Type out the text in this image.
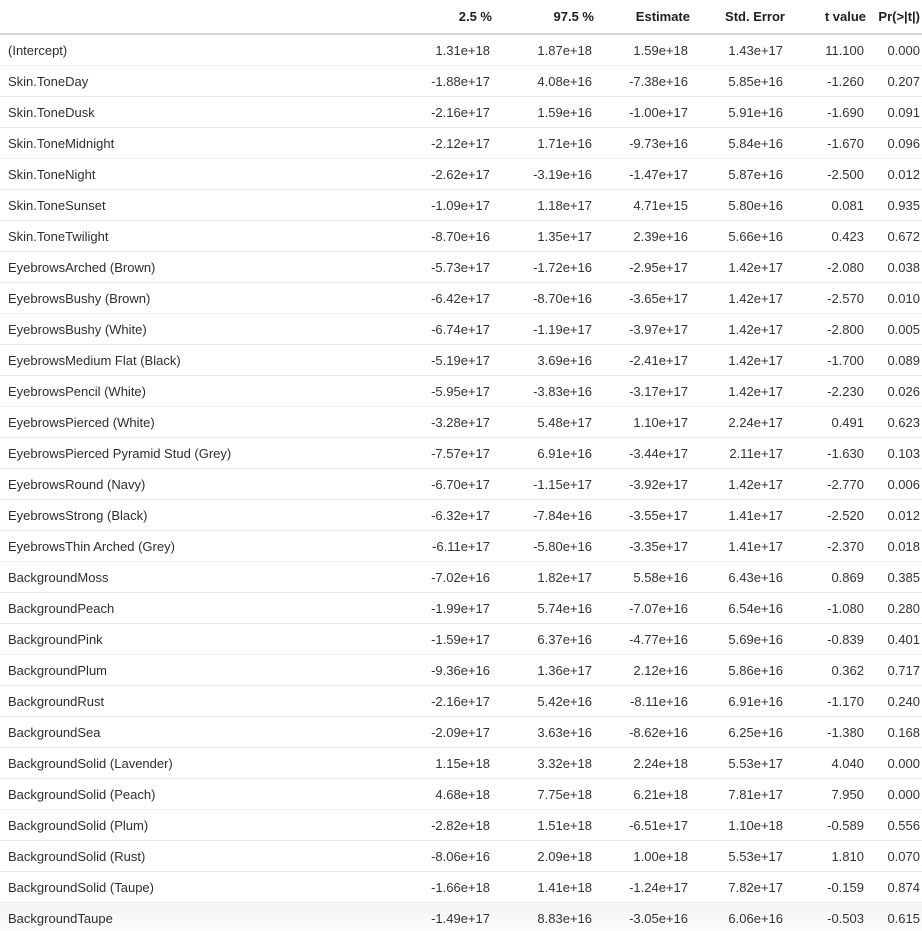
	2.5 %	97.5 %	Estimate	Std. Error	t value	Pr(>|t|)
(Intercept)	1.31e+18	1.87e+18	1.59e+18	1.43e+17	11.100	0.000
Skin.ToneDay	-1.88e+17	4.08e+16	-7.38e+16	5.85e+16	-1.260	0.207
Skin.ToneDusk	-2.16e+17	1.59e+16	-1.00e+17	5.91e+16	-1.690	0.091
Skin.ToneMidnight	-2.12e+17	1.71e+16	-9.73e+16	5.84e+16	-1.670	0.096
Skin.ToneNight	-2.62e+17	-3.19e+16	-1.47e+17	5.87e+16	-2.500	0.012
Skin.ToneSunset	-1.09e+17	1.18e+17	4.71e+15	5.80e+16	0.081	0.935
Skin.ToneTwilight	-8.70e+16	1.35e+17	2.39e+16	5.66e+16	0.423	0.672
EyebrowsArched (Brown)	-5.73e+17	-1.72e+16	-2.95e+17	1.42e+17	-2.080	0.038
EyebrowsBushy (Brown)	-6.42e+17	-8.70e+16	-3.65e+17	1.42e+17	-2.570	0.010
EyebrowsBushy (White)	-6.74e+17	-1.19e+17	-3.97e+17	1.42e+17	-2.800	0.005
EyebrowsMedium Flat (Black)	-5.19e+17	3.69e+16	-2.41e+17	1.42e+17	-1.700	0.089
EyebrowsPencil (White)	-5.95e+17	-3.83e+16	-3.17e+17	1.42e+17	-2.230	0.026
EyebrowsPierced (White)	-3.28e+17	5.48e+17	1.10e+17	2.24e+17	0.491	0.623
EyebrowsPierced Pyramid Stud (Grey)	-7.57e+17	6.91e+16	-3.44e+17	2.11e+17	-1.630	0.103
EyebrowsRound (Navy)	-6.70e+17	-1.15e+17	-3.92e+17	1.42e+17	-2.770	0.006
EyebrowsStrong (Black)	-6.32e+17	-7.84e+16	-3.55e+17	1.41e+17	-2.520	0.012
EyebrowsThin Arched (Grey)	-6.11e+17	-5.80e+16	-3.35e+17	1.41e+17	-2.370	0.018
BackgroundMoss	-7.02e+16	1.82e+17	5.58e+16	6.43e+16	0.869	0.385
BackgroundPeach	-1.99e+17	5.74e+16	-7.07e+16	6.54e+16	-1.080	0.280
BackgroundPink	-1.59e+17	6.37e+16	-4.77e+16	5.69e+16	-0.839	0.401
BackgroundPlum	-9.36e+16	1.36e+17	2.12e+16	5.86e+16	0.362	0.717
BackgroundRust	-2.16e+17	5.42e+16	-8.11e+16	6.91e+16	-1.170	0.240
BackgroundSea	-2.09e+17	3.63e+16	-8.62e+16	6.25e+16	-1.380	0.168
BackgroundSolid (Lavender)	1.15e+18	3.32e+18	2.24e+18	5.53e+17	4.040	0.000
BackgroundSolid (Peach)	4.68e+18	7.75e+18	6.21e+18	7.81e+17	7.950	0.000
BackgroundSolid (Plum)	-2.82e+18	1.51e+18	-6.51e+17	1.10e+18	-0.589	0.556
BackgroundSolid (Rust)	-8.06e+16	2.09e+18	1.00e+18	5.53e+17	1.810	0.070
BackgroundSolid (Taupe)	-1.66e+18	1.41e+18	-1.24e+17	7.82e+17	-0.159	0.874
BackgroundTaupe	-1.49e+17	8.83e+16	-3.05e+16	6.06e+16	-0.503	0.615
